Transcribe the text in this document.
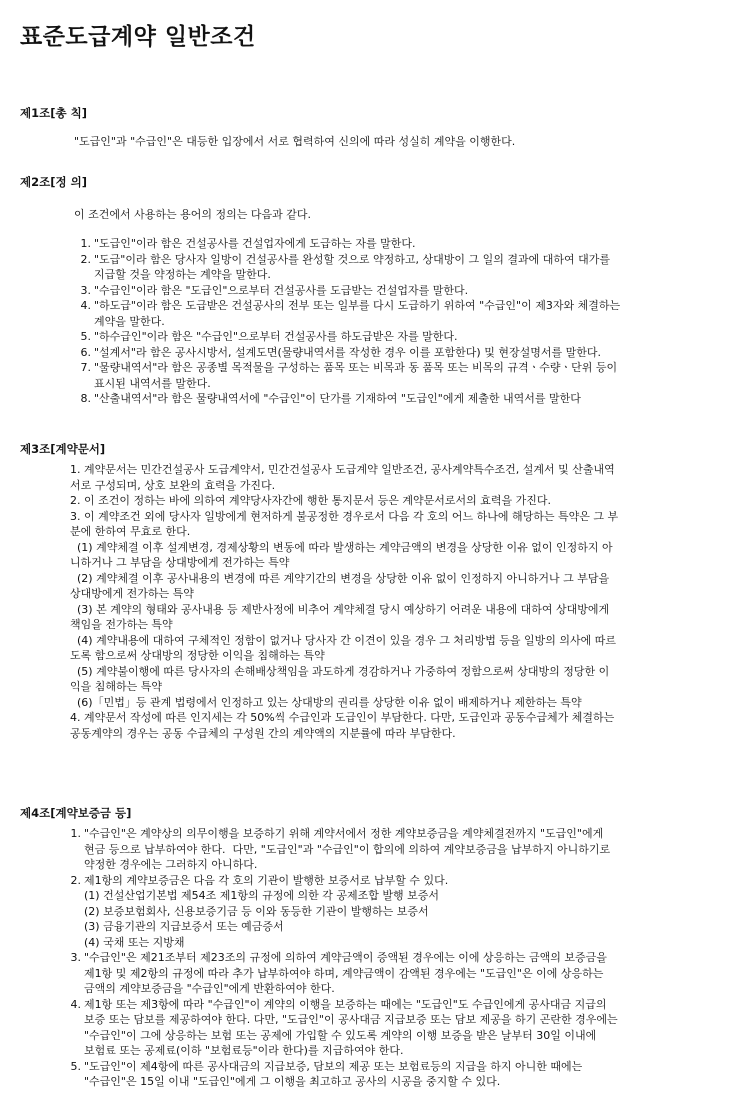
표준도급계약 일반조건
제1조[총 칙]
"도급인"과 "수급인"은 대등한 입장에서 서로 협력하여 신의에 따라 성실히 계약을 이행한다.
제2조[정 의]
이 조건에서 사용하는 용어의 정의는 다음과 같다.
1. "도급인"이라 함은 건설공사를 건설업자에게 도급하는 자를 말한다.
2. "도급"이라 함은 당사자 일방이 건설공사를 완성할 것으로 약정하고, 상대방이 그 일의 결과에 대하여 대가를
지급할 것을 약정하는 계약을 말한다.
3. "수급인"이라 함은 "도급인"으로부터 건설공사를 도급받는 건설업자를 말한다.
4. "하도급"이라 함은 도급받은 건설공사의 전부 또는 일부를 다시 도급하기 위하여 "수급인"이 제3자와 체결하는
계약을 말한다.
5. "하수급인"이라 함은 "수급인"으로부터 건설공사를 하도급받은 자를 말한다.
6. "설계서"라 함은 공사시방서, 설계도면(물량내역서를 작성한 경우 이를 포함한다) 및 현장설명서를 말한다.
7. "물량내역서"라 함은 공종별 목적물을 구성하는 품목 또는 비목과 동 품목 또는 비목의 규격ㆍ수량ㆍ단위 등이
표시된 내역서를 말한다.
8. "산출내역서"라 함은 물량내역서에 "수급인"이 단가를 기재하여 "도급인"에게 제출한 내역서를 말한다
제3조[계약문서]
1. 계약문서는 민간건설공사 도급계약서, 민간건설공사 도급계약 일반조건, 공사계약특수조건, 설계서 및 산출내역
서로 구성되며, 상호 보완의 효력을 가진다.
2. 이 조건이 정하는 바에 의하여 계약당사자간에 행한 통지문서 등은 계약문서로서의 효력을 가진다.
3. 이 계약조건 외에 당사자 일방에게 현저하게 불공정한 경우로서 다음 각 호의 어느 하나에 해당하는 특약은 그 부
분에 한하여 무효로 한다.
(1) 계약체결 이후 설계변경, 경제상황의 변동에 따라 발생하는 계약금액의 변경을 상당한 이유 없이 인정하지 아
니하거나 그 부담을 상대방에게 전가하는 특약
(2) 계약체결 이후 공사내용의 변경에 따른 계약기간의 변경을 상당한 이유 없이 인정하지 아니하거나 그 부담을
상대방에게 전가하는 특약
(3) 본 계약의 형태와 공사내용 등 제반사정에 비추어 계약체결 당시 예상하기 어려운 내용에 대하여 상대방에게
책임을 전가하는 특약
(4) 계약내용에 대하여 구체적인 정함이 없거나 당사자 간 이견이 있을 경우 그 처리방법 등을 일방의 의사에 따르
도록 함으로써 상대방의 정당한 이익을 침해하는 특약
(5) 계약불이행에 따른 당사자의 손해배상책임을 과도하게 경감하거나 가중하여 정함으로써 상대방의 정당한 이
익을 침해하는 특약
(6)「민법」등 관계 법령에서 인정하고 있는 상대방의 권리를 상당한 이유 없이 배제하거나 제한하는 특약
4. 계약문서 작성에 따른 인지세는 각 50%씩 수급인과 도급인이 부담한다. 다만, 도급인과 공동수급체가 체결하는
공동계약의 경우는 공동 수급체의 구성원 간의 계약액의 지분률에 따라 부담한다.
제4조[계약보증금 등]
1. "수급인"은 계약상의 의무이행을 보증하기 위해 계약서에서 정한 계약보증금을 계약체결전까지 "도급인"에게
현금 등으로 납부하여야 한다.  다만, "도급인"과 "수급인"이 합의에 의하여 계약보증금을 납부하지 아니하기로
약정한 경우에는 그러하지 아니하다.
2. 제1항의 계약보증금은 다음 각 호의 기관이 발행한 보증서로 납부할 수 있다.
(1) 건설산업기본법 제54조 제1항의 규정에 의한 각 공제조합 발행 보증서
(2) 보증보험회사, 신용보증기금 등 이와 동등한 기관이 발행하는 보증서
(3) 금융기관의 지급보증서 또는 예금증서
(4) 국채 또는 지방채
3. "수급인"은 제21조부터 제23조의 규정에 의하여 계약금액이 증액된 경우에는 이에 상응하는 금액의 보증금을
제1항 및 제2항의 규정에 따라 추가 납부하여야 하며, 계약금액이 감액된 경우에는 "도급인"은 이에 상응하는
금액의 계약보증금을 "수급인"에게 반환하여야 한다.
4. 제1항 또는 제3항에 따라 "수급인"이 계약의 이행을 보증하는 때에는 "도급인"도 수급인에게 공사대금 지급의
보증 또는 담보를 제공하여야 한다. 다만, "도급인"이 공사대금 지급보증 또는 담보 제공을 하기 곤란한 경우에는
"수급인"이 그에 상응하는 보험 또는 공제에 가입할 수 있도록 계약의 이행 보증을 받은 날부터 30일 이내에
보험료 또는 공제료(이하 "보험료등"이라 한다)를 지급하여야 한다.
5. "도급인"이 제4항에 따른 공사대금의 지급보증, 담보의 제공 또는 보험료등의 지급을 하지 아니한 때에는
"수급인"은 15일 이내 "도급인"에게 그 이행을 최고하고 공사의 시공을 중지할 수 있다.
